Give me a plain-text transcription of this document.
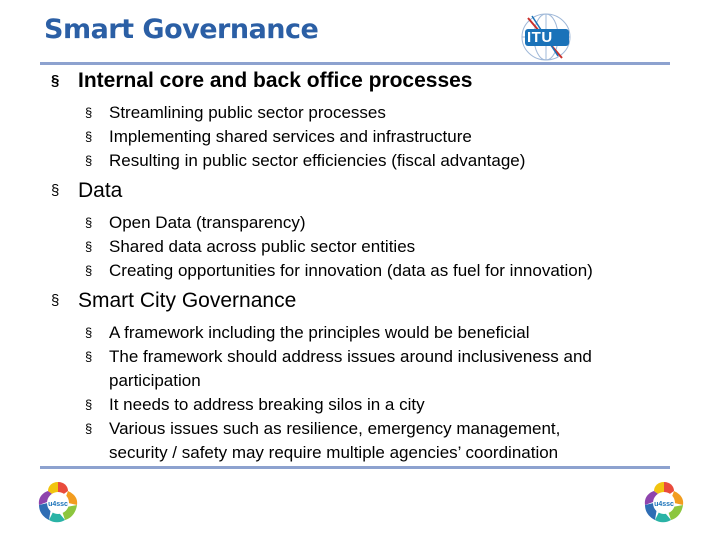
Smart Governance	ITU
§ Internal core and back office processes
§ Streamlining public sector processes
§ Implementing shared services and infrastructure
§ Resulting in public sector efficiencies (fiscal advantage)
§ Data
§ Open Data (transparency)
§ Shared data across public sector entities
§ Creating opportunities for innovation (data as fuel for innovation)
§ Smart City Governance
§ A framework including the principles would be beneficial
§ The framework should address issues around inclusiveness and
participation
§ It needs to address breaking silos in a city
§ Various issues such as resilience, emergency management,
security / safety may require multiple agencies’ coordination
u4ssc	u4ssc
